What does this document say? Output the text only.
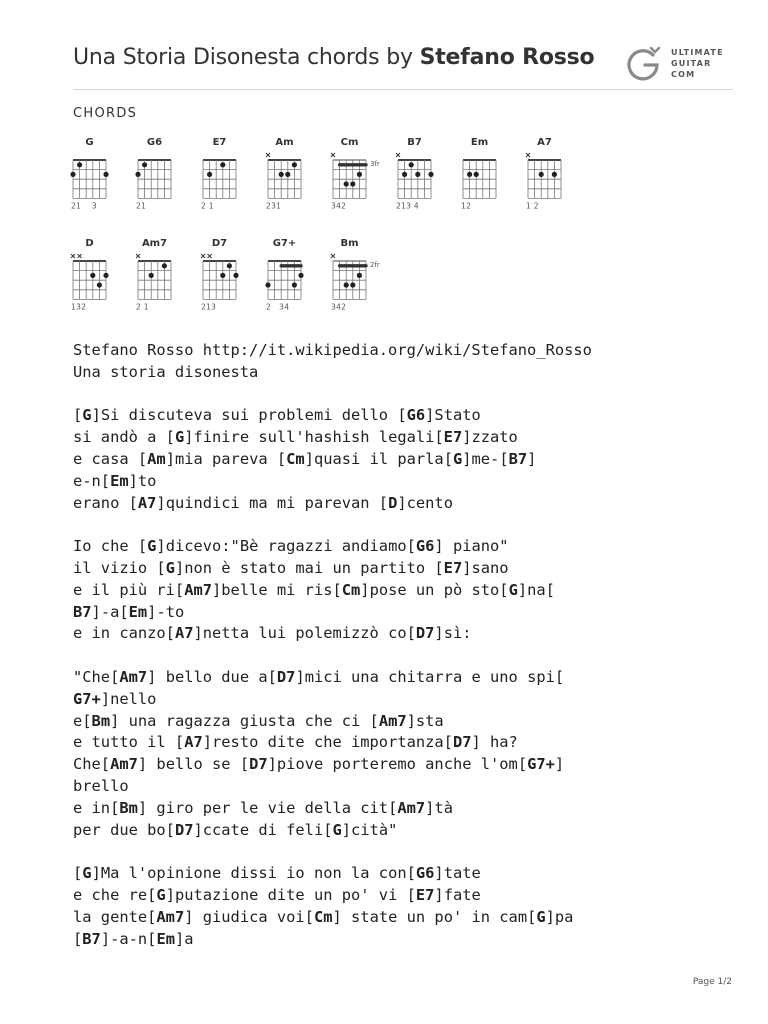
Una Storia Disonesta chords by Stefano Rosso	ULTIMATE
GUITAR
COM
CHORDS
G
21    3
G6
21
E7
2 1
Am
231
Cm
3fr
342
B7
213 4
Em
12
A7
1 2
D
132
Am7
2 1
D7
213
G7+
2   34
Bm
2fr
342
Stefano Rosso http://it.wikipedia.org/wiki/Stefano_Rosso
Una storia disonesta
[G]Si discuteva sui problemi dello [G6]Stato
si andò a [G]finire sull'hashish legali[E7]zzato
e casa [Am]mia pareva [Cm]quasi il parla[G]me-[B7]
e-n[Em]to
erano [A7]quindici ma mi parevan [D]cento
Io che [G]dicevo:"Bè ragazzi andiamo[G6] piano"
il vizio [G]non è stato mai un partito [E7]sano
e il più ri[Am7]belle mi ris[Cm]pose un pò sto[G]na[
B7]-a[Em]-to
e in canzo[A7]netta lui polemizzò co[D7]sì:
"Che[Am7] bello due a[D7]mici una chitarra e uno spi[
G7+]nello
e[Bm] una ragazza giusta che ci [Am7]sta
e tutto il [A7]resto dite che importanza[D7] ha?
Che[Am7] bello se [D7]piove porteremo anche l'om[G7+]
brello
e in[Bm] giro per le vie della cit[Am7]tà
per due bo[D7]ccate di feli[G]cità"
[G]Ma l'opinione dissi io non la con[G6]tate
e che re[G]putazione dite un po' vi [E7]fate
la gente[Am7] giudica voi[Cm] state un po' in cam[G]pa
[B7]-a-n[Em]a
Page 1/2
